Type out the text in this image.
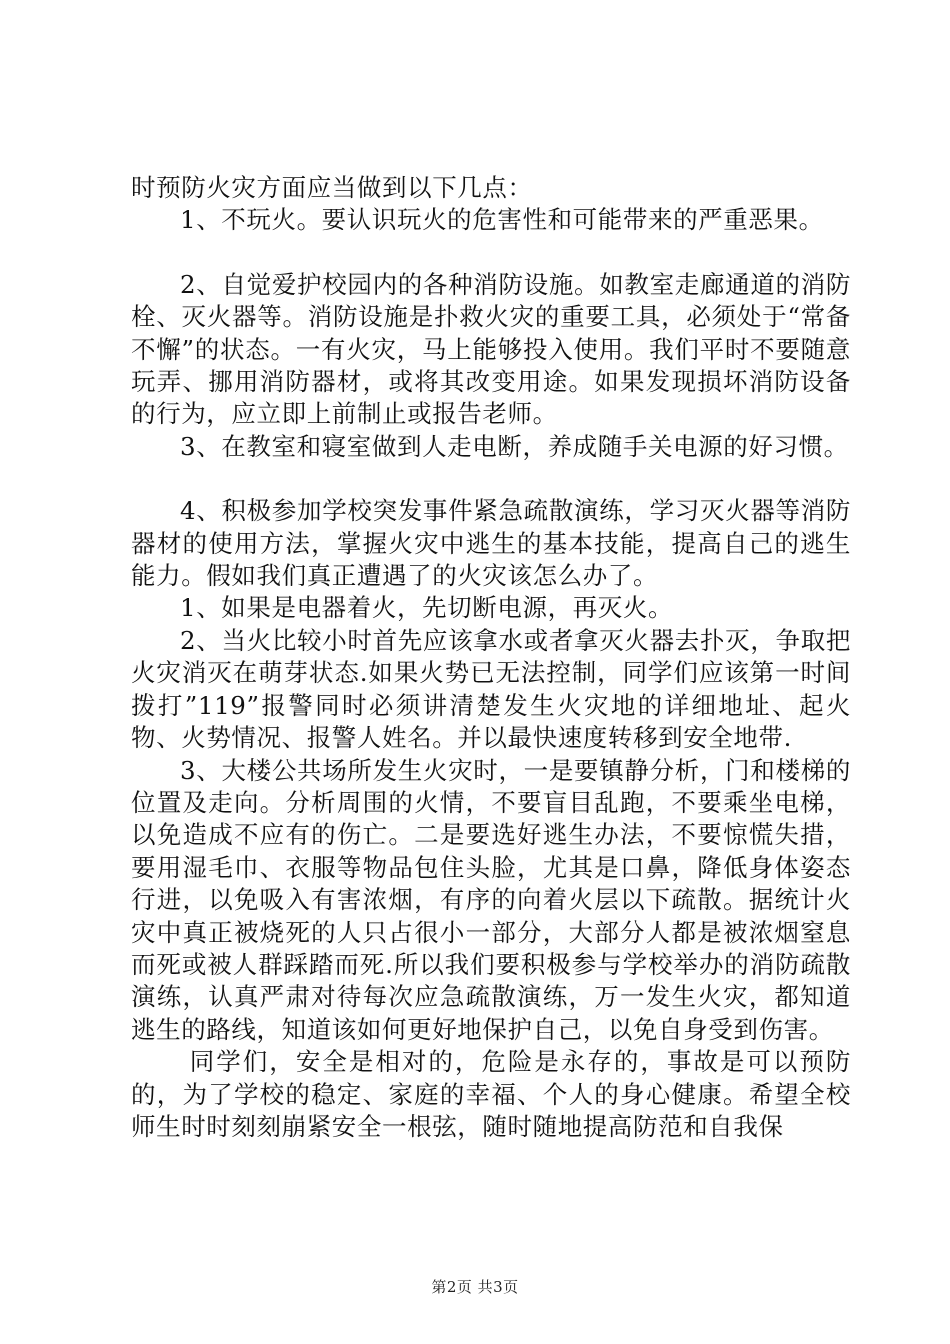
时预防火灾方面应当做到以下几点：

1、不玩火。要认识玩火的危害性和可能带来的严重恶果。

2、自觉爱护校园内的各种消防设施。如教室走廊通道的消防栓、灭火器等。消防设施是扑救火灾的重要工具，必须处于“常备不懈”的状态。一有火灾，马上能够投入使用。我们平时不要随意玩弄、挪用消防器材，或将其改变用途。如果发现损坏消防设备的行为，应立即上前制止或报告老师。

3、在教室和寝室做到人走电断，养成随手关电源的好习惯。

4、积极参加学校突发事件紧急疏散演练，学习灭火器等消防器材的使用方法，掌握火灾中逃生的基本技能，提高自己的逃生能力。假如我们真正遭遇了的火灾该怎么办了。

1、如果是电器着火，先切断电源，再灭火。

2、当火比较小时首先应该拿水或者拿灭火器去扑灭，争取把火灾消灭在萌芽状态.如果火势已无法控制，同学们应该第一时间拨打”119”报警同时必须讲清楚发生火灾地的详细地址、起火物、火势情况、报警人姓名。并以最快速度转移到安全地带.

3、大楼公共场所发生火灾时，一是要镇静分析，门和楼梯的位置及走向。分析周围的火情，不要盲目乱跑，不要乘坐电梯，以免造成不应有的伤亡。二是要选好逃生办法，不要惊慌失措，要用湿毛巾、衣服等物品包住头脸，尤其是口鼻，降低身体姿态行进，以免吸入有害浓烟，有序的向着火层以下疏散。据统计火灾中真正被烧死的人只占很小一部分，大部分人都是被浓烟窒息而死或被人群踩踏而死.所以我们要积极参与学校举办的消防疏散演练，认真严肃对待每次应急疏散演练，万一发生火灾，都知道逃生的路线，知道该如何更好地保护自己，以免自身受到伤害。

同学们，安全是相对的，危险是永存的，事故是可以预防的，为了学校的稳定、家庭的幸福、个人的身心健康。希望全校师生时时刻刻崩紧安全一根弦，随时随地提高防范和自我保

第2页 共3页
